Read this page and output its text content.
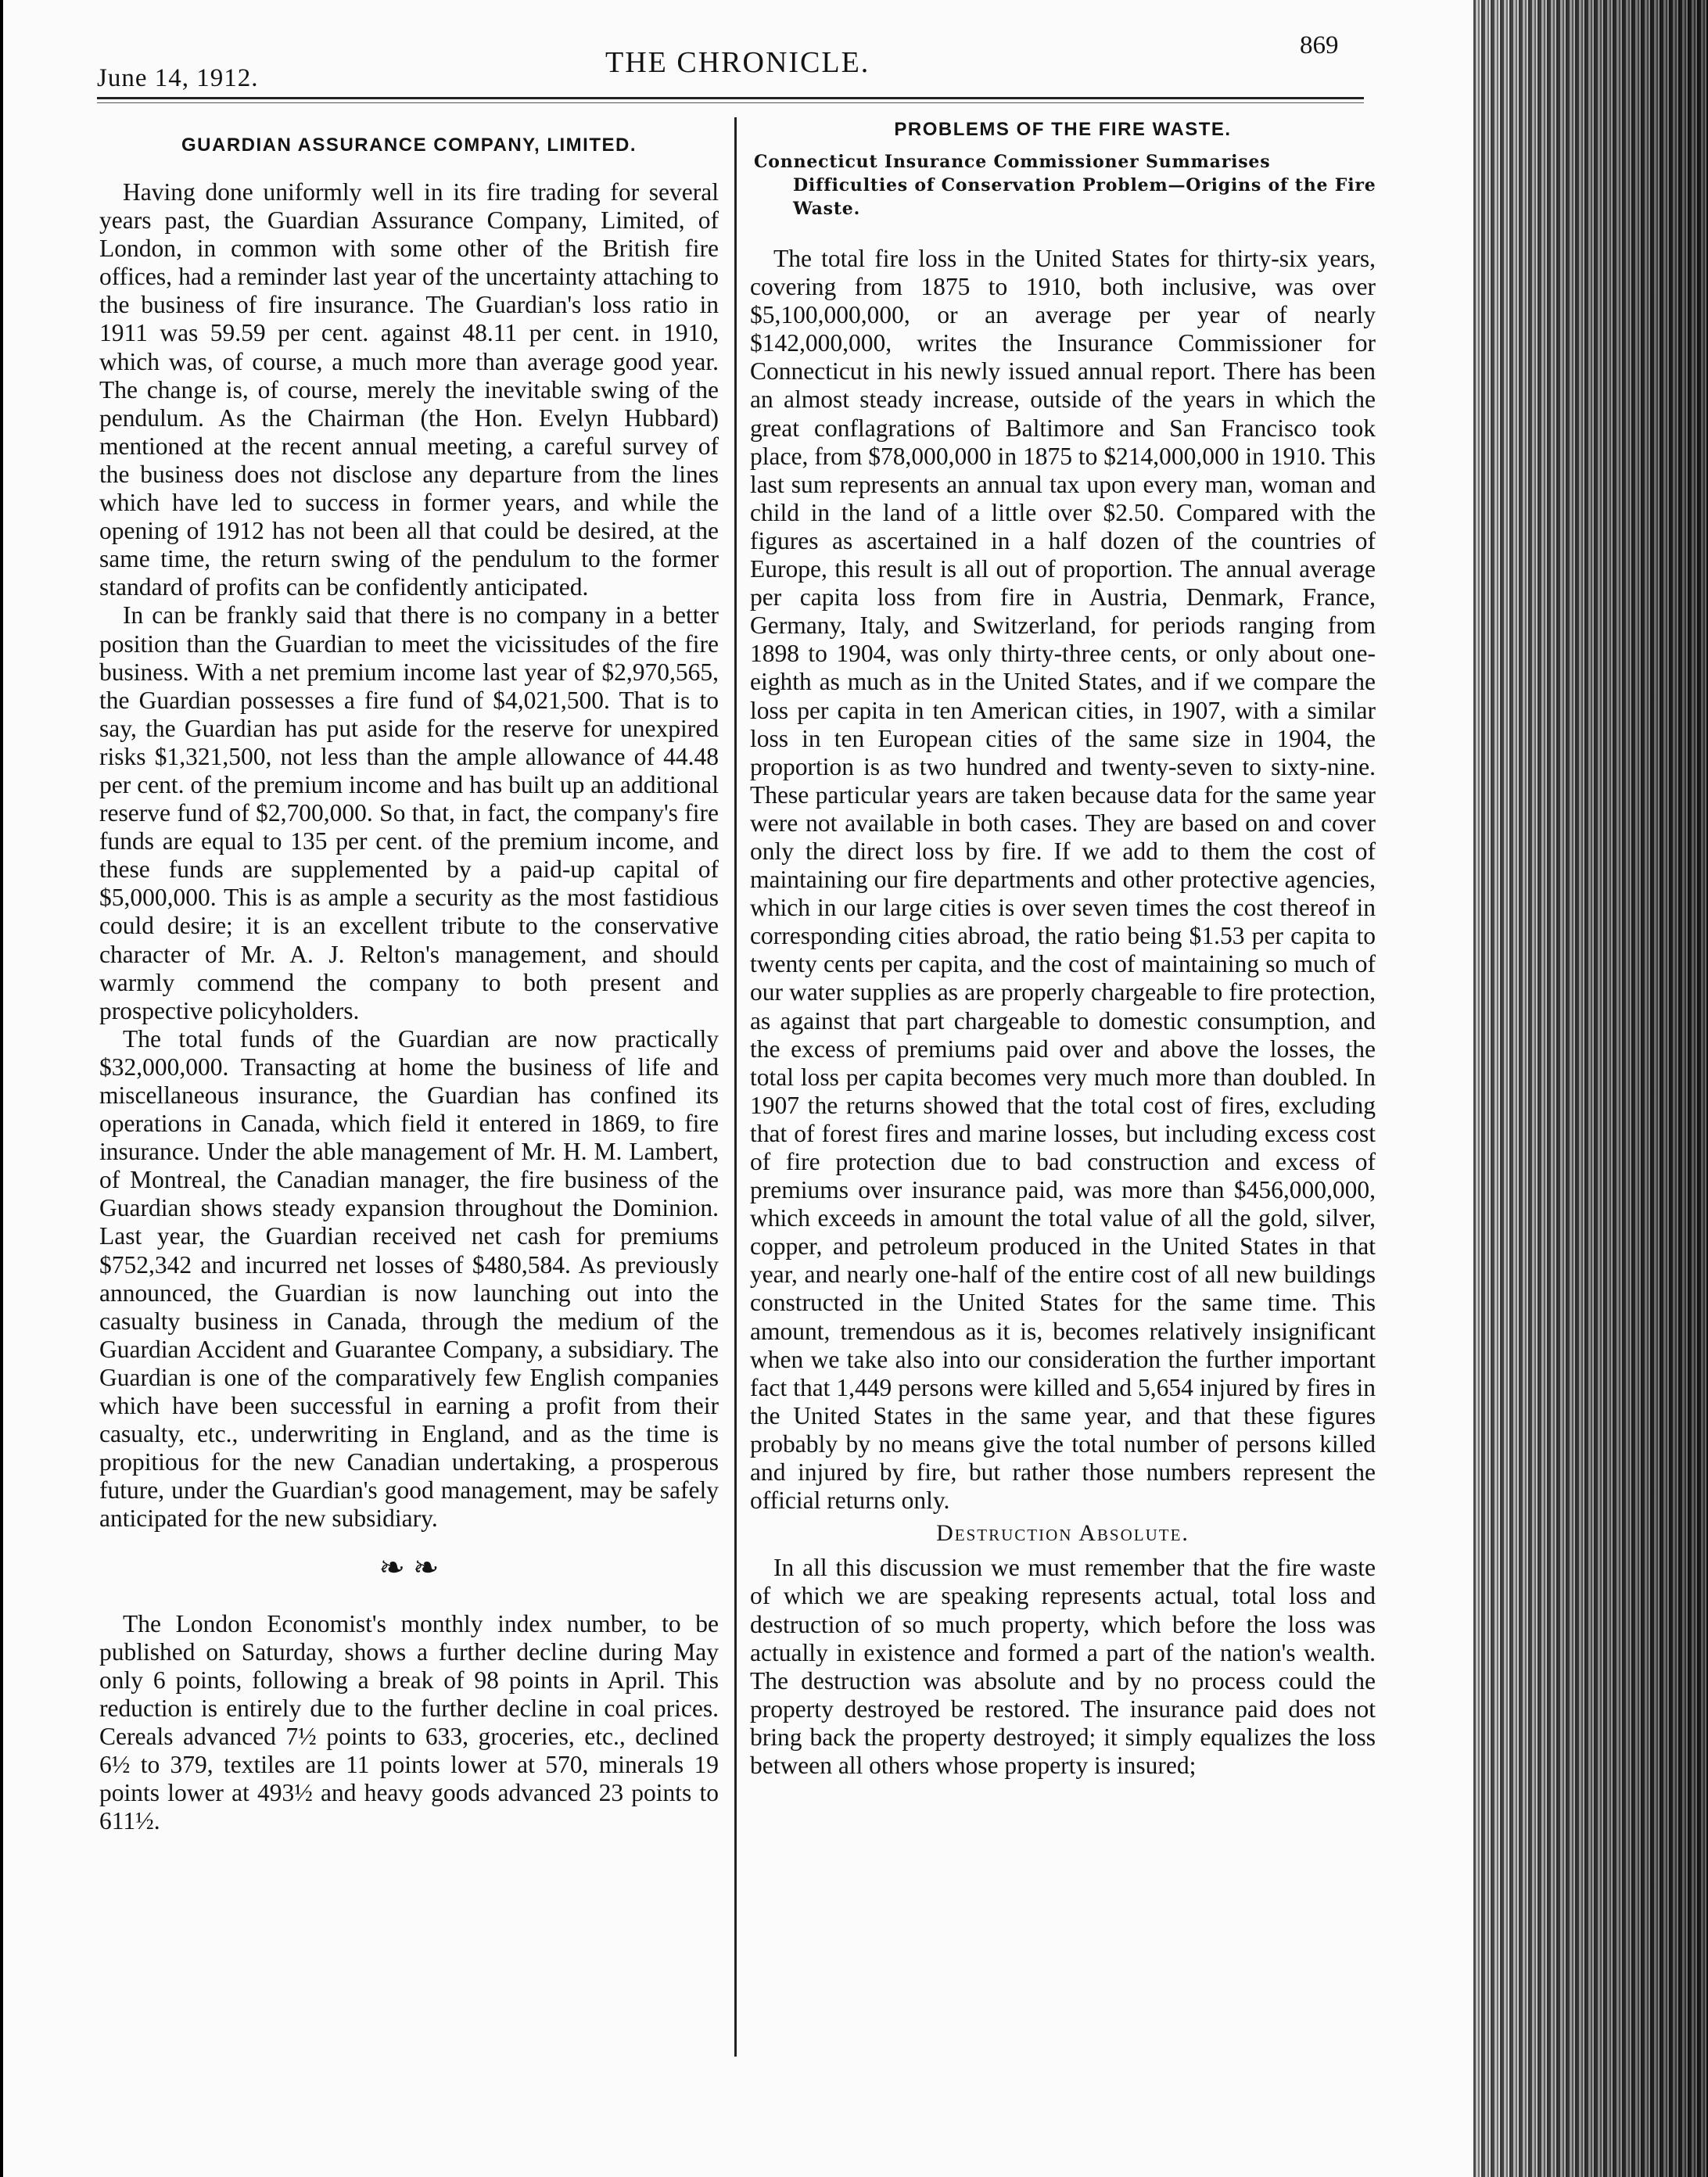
June 14, 1912.	THE CHRONICLE.
869
GUARDIAN ASSURANCE COMPANY, LIMITED.

Having done uniformly well in its fire trading for several years past, the Guardian Assurance Company, Limited, of London, in common with some other of the British fire offices, had a reminder last year of the uncertainty attaching to the business of fire insurance. The Guardian's loss ratio in 1911 was 59.59 per cent. against 48.11 per cent. in 1910, which was, of course, a much more than average good year. The change is, of course, merely the inevitable swing of the pendulum. As the Chairman (the Hon. Evelyn Hubbard) mentioned at the recent annual meeting, a careful survey of the business does not disclose any departure from the lines which have led to success in former years, and while the opening of 1912 has not been all that could be desired, at the same time, the return swing of the pendulum to the former standard of profits can be confidently anticipated.

In can be frankly said that there is no company in a better position than the Guardian to meet the vicissitudes of the fire business. With a net premium income last year of $2,970,565, the Guardian possesses a fire fund of $4,021,500. That is to say, the Guardian has put aside for the reserve for unexpired risks $1,321,500, not less than the ample allowance of 44.48 per cent. of the premium income and has built up an additional reserve fund of $2,700,000. So that, in fact, the company's fire funds are equal to 135 per cent. of the premium income, and these funds are supplemented by a paid-up capital of $5,000,000. This is as ample a security as the most fastidious could desire; it is an excellent tribute to the conservative character of Mr. A. J. Relton's management, and should warmly commend the company to both present and prospective policyholders.

The total funds of the Guardian are now practically $32,000,000. Transacting at home the business of life and miscellaneous insurance, the Guardian has confined its operations in Canada, which field it entered in 1869, to fire insurance. Under the able management of Mr. H. M. Lambert, of Montreal, the Canadian manager, the fire business of the Guardian shows steady expansion throughout the Dominion. Last year, the Guardian received net cash for premiums $752,342 and incurred net losses of $480,584. As previously announced, the Guardian is now launching out into the casualty business in Canada, through the medium of the Guardian Accident and Guarantee Company, a subsidiary. The Guardian is one of the comparatively few English companies which have been successful in earning a profit from their casualty, etc., underwriting in England, and as the time is propitious for the new Canadian undertaking, a prosperous future, under the Guardian's good management, may be safely anticipated for the new subsidiary.

❧ ❧

The London Economist's monthly index number, to be published on Saturday, shows a further decline during May only 6 points, following a break of 98 points in April. This reduction is entirely due to the further decline in coal prices. Cereals advanced 7½ points to 633, groceries, etc., declined 6½ to 379, textiles are 11 points lower at 570, minerals 19 points lower at 493½ and heavy goods advanced 23 points to 611½.

PROBLEMS OF THE FIRE WASTE.
Connecticut Insurance Commissioner Summarises
Difficulties of Conservation Problem—Origins of the Fire Waste.

The total fire loss in the United States for thirty-six years, covering from 1875 to 1910, both inclusive, was over $5,100,000,000, or an average per year of nearly $142,000,000, writes the Insurance Commissioner for Connecticut in his newly issued annual report. There has been an almost steady increase, outside of the years in which the great conflagrations of Baltimore and San Francisco took place, from $78,000,000 in 1875 to $214,000,000 in 1910. This last sum represents an annual tax upon every man, woman and child in the land of a little over $2.50. Compared with the figures as ascertained in a half dozen of the countries of Europe, this result is all out of proportion. The annual average per capita loss from fire in Austria, Denmark, France, Germany, Italy, and Switzerland, for periods ranging from 1898 to 1904, was only thirty-three cents, or only about one-eighth as much as in the United States, and if we compare the loss per capita in ten American cities, in 1907, with a similar loss in ten European cities of the same size in 1904, the proportion is as two hundred and twenty-seven to sixty-nine. These particular years are taken because data for the same year were not available in both cases. They are based on and cover only the direct loss by fire. If we add to them the cost of maintaining our fire departments and other protective agencies, which in our large cities is over seven times the cost thereof in corresponding cities abroad, the ratio being $1.53 per capita to twenty cents per capita, and the cost of maintaining so much of our water supplies as are properly chargeable to fire protection, as against that part chargeable to domestic consumption, and the excess of premiums paid over and above the losses, the total loss per capita becomes very much more than doubled. In 1907 the returns showed that the total cost of fires, excluding that of forest fires and marine losses, but including excess cost of fire protection due to bad construction and excess of premiums over insurance paid, was more than $456,000,000, which exceeds in amount the total value of all the gold, silver, copper, and petroleum produced in the United States in that year, and nearly one-half of the entire cost of all new buildings constructed in the United States for the same time. This amount, tremendous as it is, becomes relatively insignificant when we take also into our consideration the further important fact that 1,449 persons were killed and 5,654 injured by fires in the United States in the same year, and that these figures probably by no means give the total number of persons killed and injured by fire, but rather those numbers represent the official returns only.

Destruction Absolute.

In all this discussion we must remember that the fire waste of which we are speaking represents actual, total loss and destruction of so much property, which before the loss was actually in existence and formed a part of the nation's wealth. The destruction was absolute and by no process could the property destroyed be restored. The insurance paid does not bring back the property destroyed; it simply equalizes the loss between all others whose property is insured;
